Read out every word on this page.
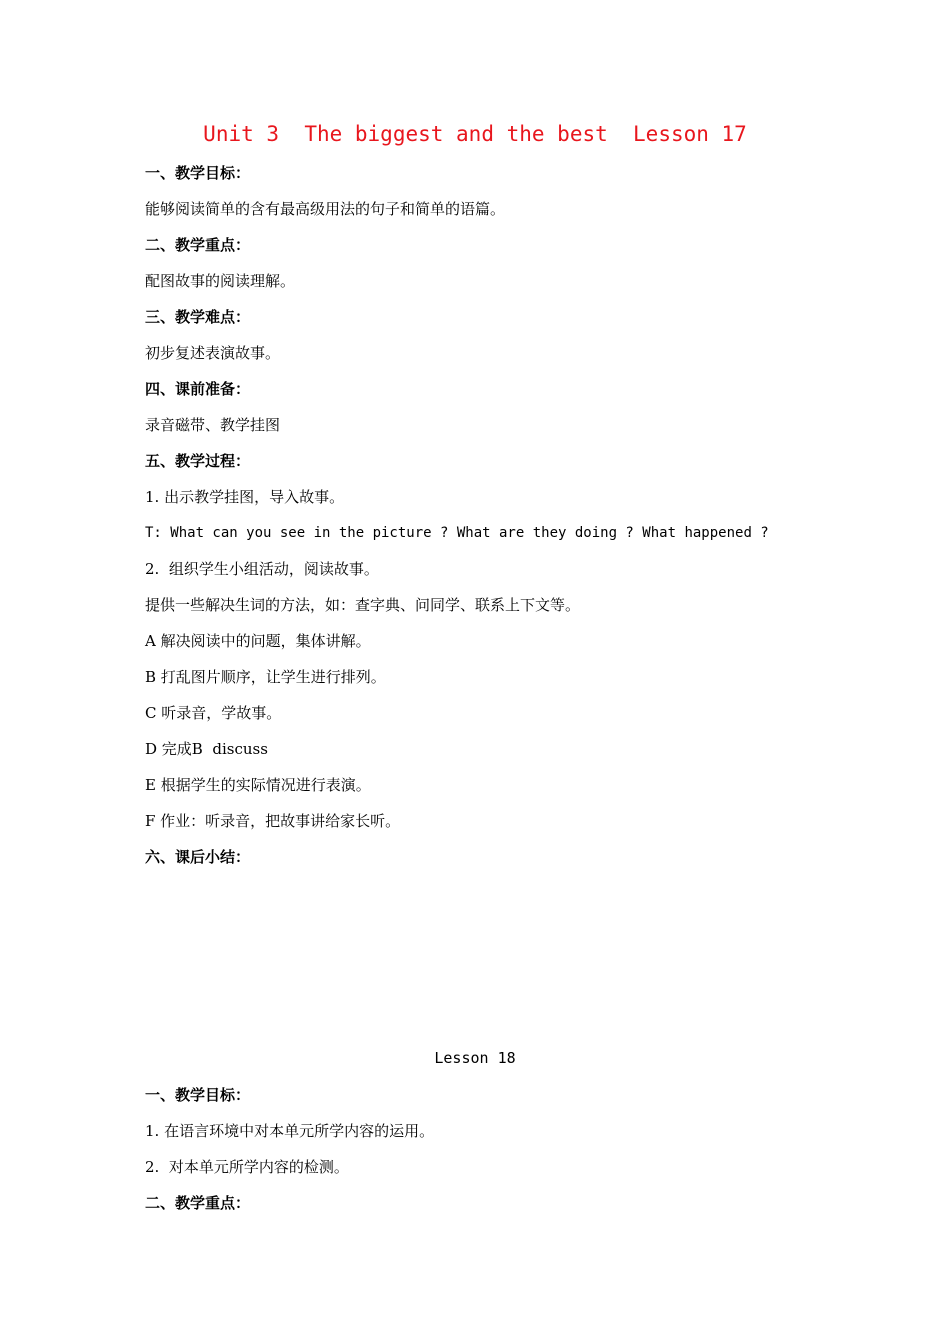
Unit 3  The biggest and the best  Lesson 17
一、教学目标：
能够阅读简单的含有最高级用法的句子和简单的语篇。
二、教学重点：
配图故事的阅读理解。
三、教学难点：
初步复述表演故事。
四、课前准备：
录音磁带、教学挂图
五、教学过程：
1. 出示教学挂图，导入故事。
T: What can you see in the picture ? What are they doing ? What happened ?
2.  组织学生小组活动，阅读故事。
提供一些解决生词的方法，如：查字典、问同学、联系上下文等。
A 解决阅读中的问题，集体讲解。
B 打乱图片顺序，让学生进行排列。
C 听录音，学故事。
D 完成B  discuss
E 根据学生的实际情况进行表演。
F 作业：听录音，把故事讲给家长听。
六、课后小结：
Lesson 18
一、教学目标：
1. 在语言环境中对本单元所学内容的运用。
2.  对本单元所学内容的检测。
二、教学重点：
